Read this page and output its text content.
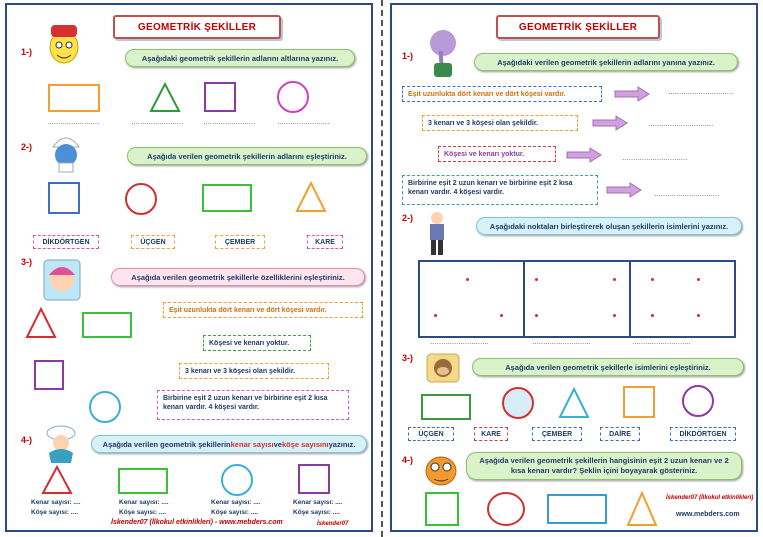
GEOMETRİK ŞEKİLLER
1-)
Aşağıdaki geometrik şekillerin adlarını altlarına yazınız.
……………………	……………………	……………………	……………………
2-)
Aşağıda verilen geometrik şekillerin adlarını eşleştiriniz.
DİKDÖRTGEN	ÜÇGEN	ÇEMBER	KARE
3-)
Aşağıda verilen geometrik şekillerle özelliklerini eşleştiriniz.
Eşit uzunlukta dört kenarı ve dört köşesi vardır.
Köşesi ve kenarı yoktur.
3 kenarı ve 3 köşesi olan şekildir.
Birbirine eşit 2 uzun kenarı ve birbirine eşit 2 kısa kenarı vardır. 4 köşesi vardır.
4-)	Aşağıda verilen geometrik şekillerin kenar sayısı ve köşe sayısını yazınız.
Kenar sayısı: ....
Köşe sayısı: ....
Kenar sayısı: ....
Köşe sayısı: ....
Kenar sayısı: ....
Köşe sayısı: ....
Kenar sayısı: ....
Köşe sayısı: ....
İskender07 (İlkokul etkinlikleri) - www.mebders.com	İskender07
GEOMETRİK ŞEKİLLER
1-)
Aşağıdaki verilen geometrik şekillerin adlarını yanına yazınız.
Eşit uzunlukta dört kenarı ve dört köşesi vardır.
3 kenarı ve 3 köşesi olan şekildir.
Köşesi ve kenarı yoktur.
Birbirine eşit 2 uzun kenarı ve birbirine eşit 2 kısa kenarı vardır. 4 köşesi vardır.
…………………………
…………………………
…………………………
…………………………
2-)
Aşağıdaki noktaları birleştirerek oluşan şekillerin isimlerini yazınız.
………………………	………………………	………………………
3-)
Aşağıda verilen geometrik şekillerle isimlerini eşleştiriniz.
ÜÇGEN	KARE	ÇEMBER	DAİRE	DİKDÖRTGEN
4-)	Aşağıda verilen geometrik şekillerin hangisinin eşit 2 uzun kenarı ve 2 kısa kenarı vardır? Şeklin içini boyayarak gösteriniz.
İskender07 (İlkokul etkinlikleri)
www.mebders.com
